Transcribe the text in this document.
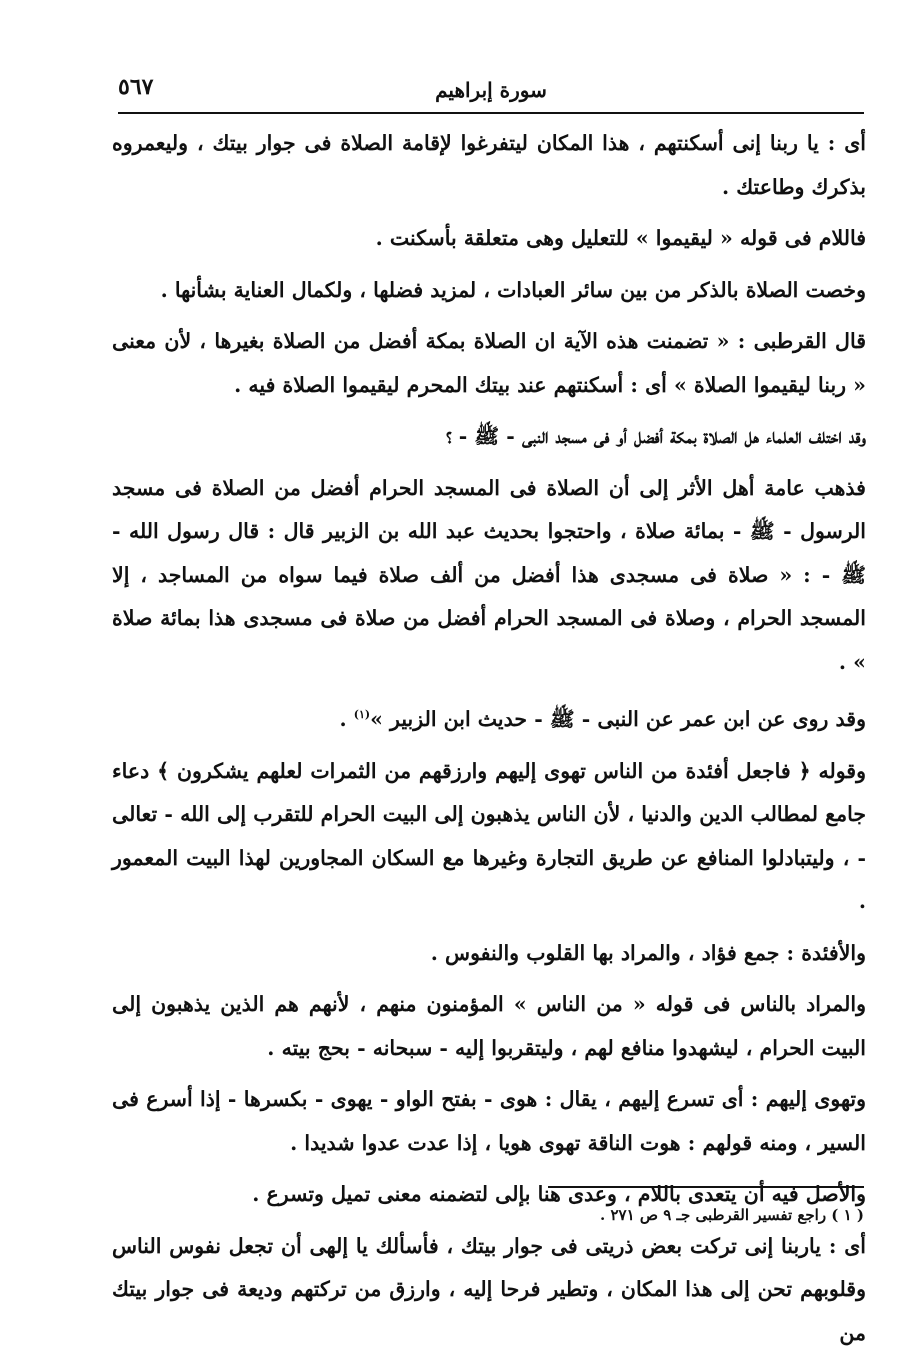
٥٦٧	سورة إبراهيم

أى : يا ربنا إنى أسكنتهم ، هذا المكان ليتفرغوا لإقامة الصلاة فى جوار بيتك ، وليعمروه بذكرك وطاعتك .

فاللام فى قوله « ليقيموا » للتعليل وهى متعلقة بأسكنت .

وخصت الصلاة بالذكر من بين سائر العبادات ، لمزيد فضلها ، ولكمال العناية بشأنها .

قال القرطبى : « تضمنت هذه الآية ان الصلاة بمكة أفضل من الصلاة بغيرها ، لأن معنى « ربنا ليقيموا الصلاة » أى : أسكنتهم عند بيتك المحرم ليقيموا الصلاة فيه .

وقد اختلف العلماء هل الصلاة بمكة أفضل أو فى مسجد النبى - ﷺ - ؟

فذهب عامة أهل الأثر إلى أن الصلاة فى المسجد الحرام أفضل من الصلاة فى مسجد الرسول - ﷺ - بمائة صلاة ، واحتجوا بحديث عبد الله بن الزبير قال : قال رسول الله - ﷺ - : « صلاة فى مسجدى هذا أفضل من ألف صلاة فيما سواه من المساجد ، إلا المسجد الحرام ، وصلاة فى المسجد الحرام أفضل من صلاة فى مسجدى هذا بمائة صلاة » .

وقد روى عن ابن عمر عن النبى - ﷺ - حديث ابن الزبير »$^{(١)}$ .

وقوله ﴿ فاجعل أفئدة من الناس تهوى إليهم وارزقهم من الثمرات لعلهم يشكرون ﴾ دعاء جامع لمطالب الدين والدنيا ، لأن الناس يذهبون إلى البيت الحرام للتقرب إلى الله - تعالى - ، وليتبادلوا المنافع عن طريق التجارة وغيرها مع السكان المجاورين لهذا البيت المعمور .

والأفئدة : جمع فؤاد ، والمراد بها القلوب والنفوس .

والمراد بالناس فى قوله « من الناس » المؤمنون منهم ، لأنهم هم الذين يذهبون إلى البيت الحرام ، ليشهدوا منافع لهم ، وليتقربوا إليه - سبحانه - بحج بيته .

وتهوى إليهم : أى تسرع إليهم ، يقال : هوى - بفتح الواو - يهوى - بكسرها - إذا أسرع فى السير ، ومنه قولهم : هوت الناقة تهوى هويا ، إذا عدت عدوا شديدا .

والأصل فيه أن يتعدى باللام ، وعدى هنا بإلى لتضمنه معنى تميل وتسرع .

أى : ياربنا إنى تركت بعض ذريتى فى جوار بيتك ، فأسألك يا إلهى أن تجعل نفوس الناس وقلوبهم تحن إلى هذا المكان ، وتطير فرحا إليه ، وارزق من تركتهم وديعة فى جوار بيتك من

( ١ ) راجع تفسير القرطبى جـ ٩ ص ٢٧١ .
